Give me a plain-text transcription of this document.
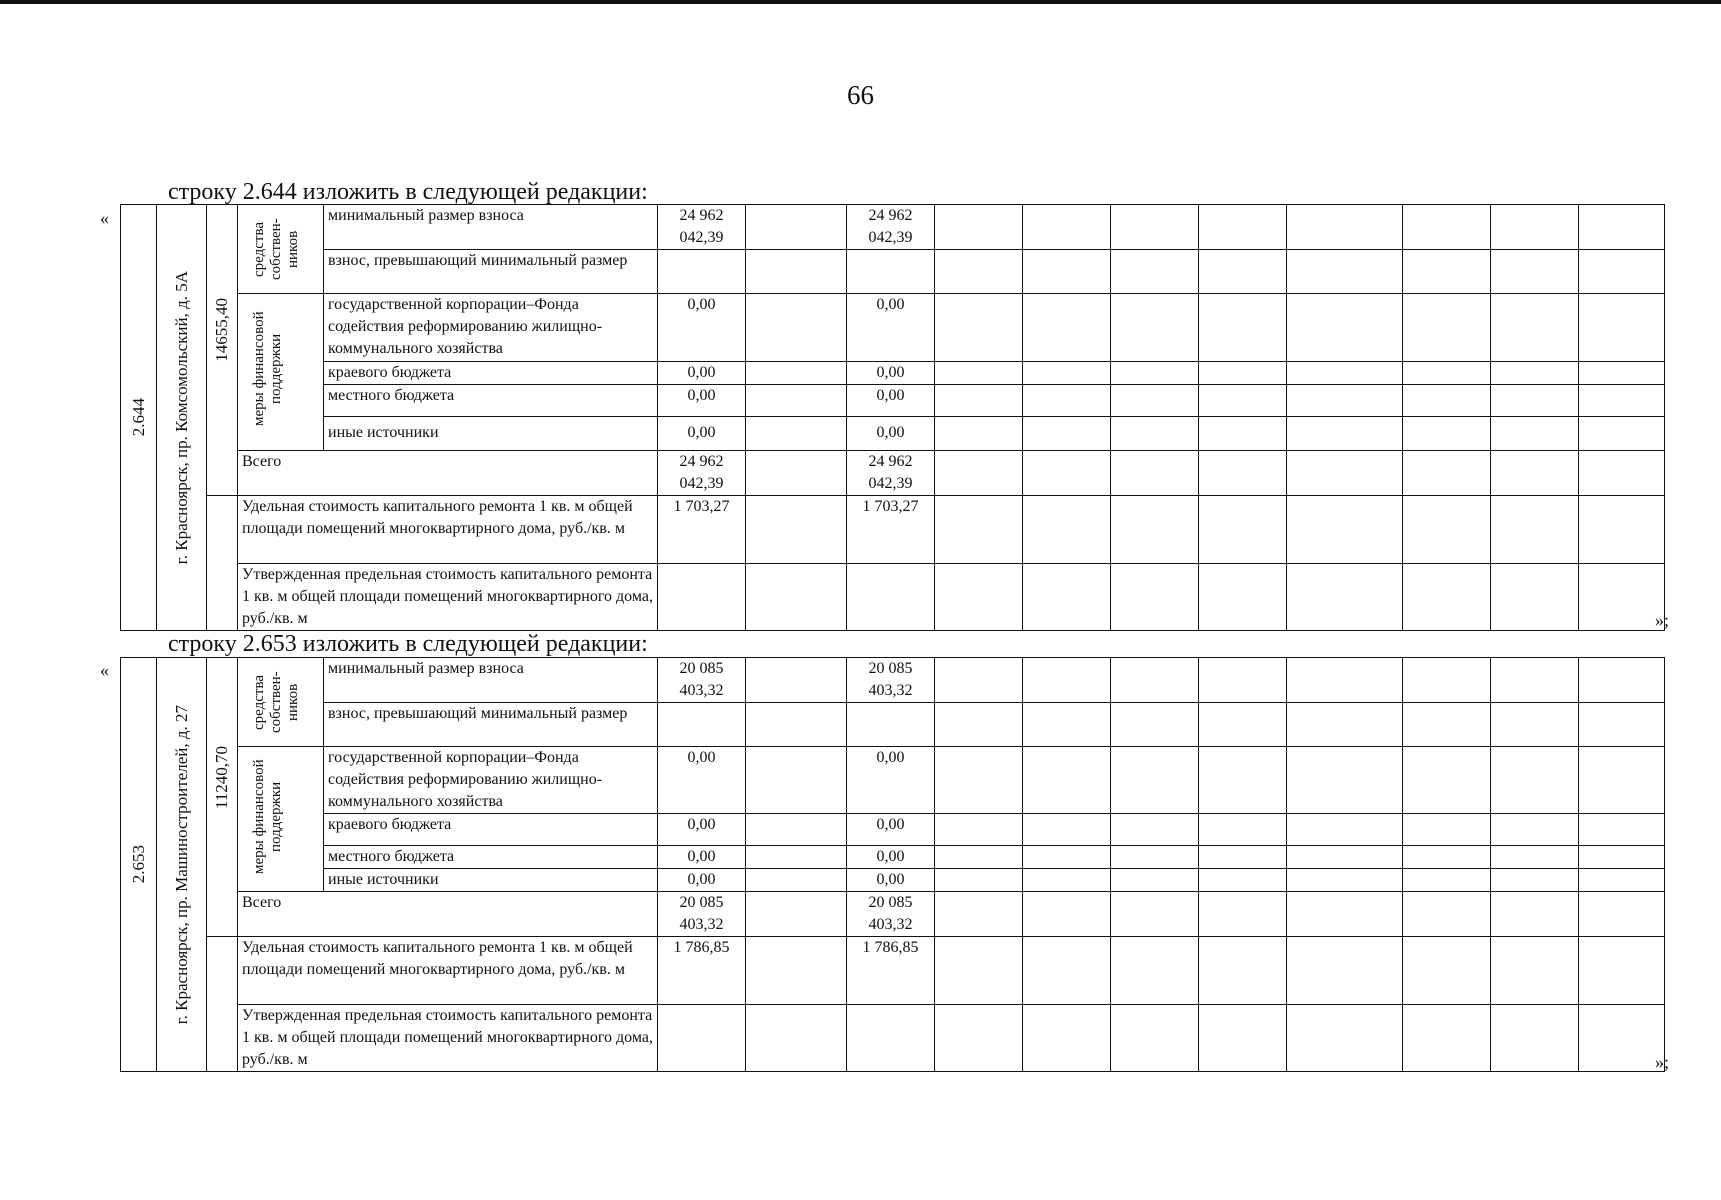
66
строку 2.644 изложить в следующей редакции:
«
»;
2.644	г. Красноярск, пр. Комсомольский, д. 5А	14655,40	средства собствен-ников	минимальный размер взноса	24 962 042,39		24 962 042,39								
				взнос, превышающий минимальный размер											

			меры финансовой поддержки	государственной корпорации–Фонда содействия реформированию жилищно-коммунального хозяйства	0,00		0,00								
				краевого бюджета	0,00		0,00								
				местного бюджета	0,00		0,00								
				иные источники	0,00		0,00								
			Всего		24 962 042,39		24 962 042,39								
			Удельная стоимость капитального ремонта 1 кв. м общей площади помещений многоквартирного дома, руб./кв. м		1 703,27		1 703,27								
			Утвержденная предельная стоимость капитального ремонта 1 кв. м общей площади помещений многоквартирного дома, руб./кв. м												

строку 2.653 изложить в следующей редакции:
«
»;
2.653	г. Красноярск, пр. Машиностроителей, д. 27	11240,70	средства собствен-ников	минимальный размер взноса	20 085 403,32		20 085 403,32								
				взнос, превышающий минимальный размер											

			меры финансовой поддержки	государственной корпорации–Фонда содействия реформированию жилищно-коммунального хозяйства	0,00		0,00								
				краевого бюджета	0,00		0,00								
				местного бюджета	0,00		0,00								
				иные источники	0,00		0,00								
			Всего		20 085 403,32		20 085 403,32								
			Удельная стоимость капитального ремонта 1 кв. м общей площади помещений многоквартирного дома, руб./кв. м		1 786,85		1 786,85								
			Утвержденная предельная стоимость капитального ремонта 1 кв. м общей площади помещений многоквартирного дома, руб./кв. м												
